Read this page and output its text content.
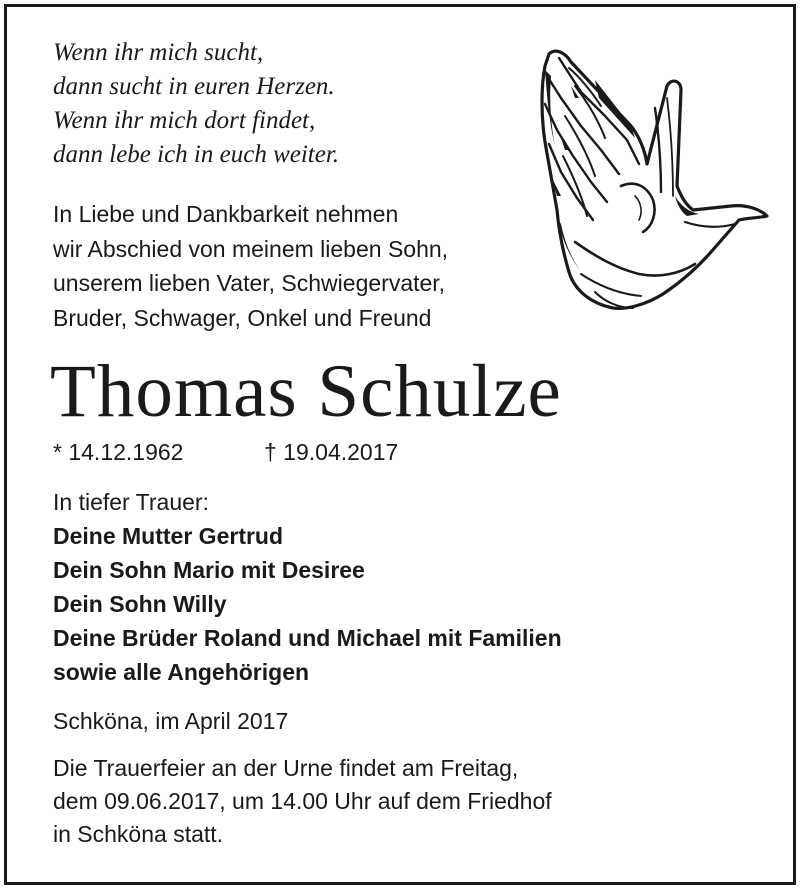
Wenn ihr mich sucht,
dann sucht in euren Herzen.
Wenn ihr mich dort findet,
dann lebe ich in euch weiter.
In Liebe und Dankbarkeit nehmen
wir Abschied von meinem lieben Sohn,
unserem lieben Vater, Schwiegervater,
Bruder, Schwager, Onkel und Freund
Thomas Schulze
* 14.12.1962	† 19.04.2017
In tiefer Trauer:
Deine Mutter Gertrud
Dein Sohn Mario mit Desiree
Dein Sohn Willy
Deine Brüder Roland und Michael mit Familien
sowie alle Angehörigen
Schköna, im April 2017
Die Trauerfeier an der Urne findet am Freitag,
dem 09.06.2017, um 14.00 Uhr auf dem Friedhof
in Schköna statt.
